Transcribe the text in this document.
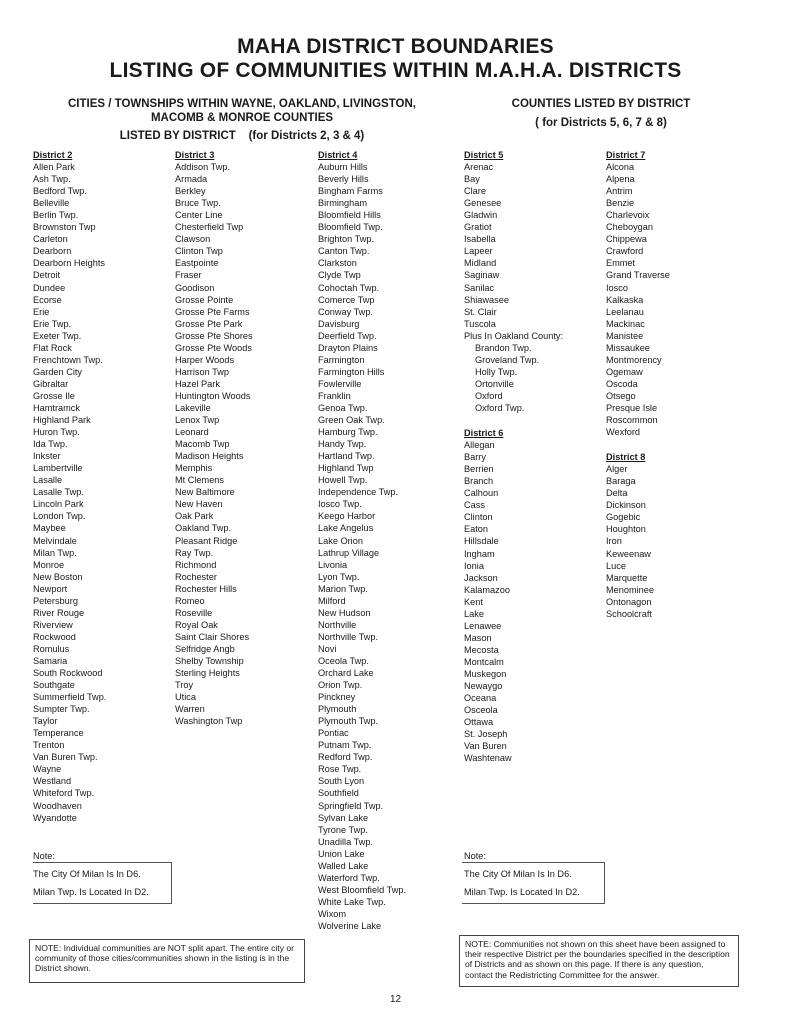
MAHA DISTRICT BOUNDARIES
LISTING OF COMMUNITIES WITHIN M.A.H.A. DISTRICTS
CITIES / TOWNSHIPS WITHIN WAYNE, OAKLAND, LIVINGSTON,
MACOMB & MONROE COUNTIES
LISTED BY DISTRICT    (for Districts 2, 3 & 4)
COUNTIES LISTED BY DISTRICT
( for Districts 5, 6, 7 & 8)
District 2
Allen Park
Ash Twp.
Bedford Twp.
Belleville
Berlin Twp.
Brownston Twp
Carleton
Dearborn
Dearborn Heights
Detroit
Dundee
Ecorse
Erie
Erie Twp.
Exeter Twp.
Flat Rock
Frenchtown Twp.
Garden City
Gibraltar
Grosse Ile
Hamtramck
Highland Park
Huron Twp.
Ida Twp.
Inkster
Lambertville
Lasalle
Lasalle Twp.
Lincoln Park
London Twp.
Maybee
Melvindale
Milan Twp.
Monroe
New Boston
Newport
Petersburg
River Rouge
Riverview
Rockwood
Romulus
Samaria
South Rockwood
Southgate
Summerfield Twp.
Sumpter Twp.
Taylor
Temperance
Trenton
Van Buren Twp.
Wayne
Westland
Whiteford Twp.
Woodhaven
Wyandotte
District 3
Addison Twp.
Armada
Berkley
Bruce Twp.
Center Line
Chesterfield Twp
Clawson
Clinton Twp
Eastpointe
Fraser
Goodison
Grosse Pointe
Grosse Pte Farms
Grosse Pte Park
Grosse Pte Shores
Grosse Pte Woods
Harper Woods
Harrison Twp
Hazel Park
Huntington Woods
Lakeville
Lenox Twp
Leonard
Macomb Twp
Madison Heights
Memphis
Mt Clemens
New Baltimore
New Haven
Oak Park
Oakland Twp.
Pleasant Ridge
Ray Twp.
Richmond
Rochester
Rochester Hills
Romeo
Roseville
Royal Oak
Saint Clair Shores
Selfridge Angb
Shelby Township
Sterling Heights
Troy
Utica
Warren
Washington Twp
District 4
Auburn Hills
Beverly Hills
Bingham Farms
Birmingham
Bloomfield Hills
Bloomfield Twp.
Brighton Twp.
Canton Twp.
Clarkston
Clyde Twp
Cohoctah Twp.
Comerce Twp
Conway Twp.
Davisburg
Deerfield Twp.
Drayton Plains
Farmington
Farmington Hills
Fowlerville
Franklin
Genoa Twp.
Green Oak Twp.
Hamburg Twp.
Handy Twp.
Hartland Twp.
Highland Twp
Howell Twp.
Independence Twp.
Iosco Twp.
Keego Harbor
Lake Angelus
Lake Orion
Lathrup Village
Livonia
Lyon Twp.
Marion Twp.
Milford
New Hudson
Northville
Northville Twp.
Novi
Oceola Twp.
Orchard Lake
Orion Twp.
Pinckney
Plymouth
Plymouth Twp.
Pontiac
Putnam Twp.
Redford Twp.
Rose Twp.
South Lyon
Southfield
Springfield Twp.
Sylvan Lake
Tyrone Twp.
Unadilla Twp.
Union Lake
Walled Lake
Waterford Twp.
West Bloomfield Twp.
White Lake Twp.
Wixom
Wolverine Lake
District 5
Arenac
Bay
Clare
Genesee
Gladwin
Gratiot
Isabella
Lapeer
Midland
Saginaw
Sanilac
Shiawasee
St. Clair
Tuscola
Plus In Oakland County:
Brandon Twp.
Groveland Twp.
Holly Twp.
Ortonville
Oxford
Oxford Twp.
District 6
Allegan
Barry
Berrien
Branch
Calhoun
Cass
Clinton
Eaton
Hillsdale
Ingham
Ionia
Jackson
Kalamazoo
Kent
Lake
Lenawee
Mason
Mecosta
Montcalm
Muskegon
Newaygo
Oceana
Osceola
Ottawa
St. Joseph
Van Buren
Washtenaw
District 7
Alcona
Alpena
Antrim
Benzie
Charlevoix
Cheboygan
Chippewa
Crawford
Emmet
Grand Traverse
Iosco
Kalkaska
Leelanau
Mackinac
Manistee
Missaukee
Montmorency
Ogemaw
Oscoda
Otsego
Presque Isle
Roscommon
Wexford
District 8
Alger
Baraga
Delta
Dickinson
Gogebic
Houghton
Iron
Keweenaw
Luce
Marquette
Menominee
Ontonagon
Schoolcraft
Note:
The City Of Milan Is In D6.
Milan Twp. Is Located In D2.
Note:
The City Of Milan Is In D6.
Milan Twp. Is Located In D2.
NOTE: Individual communities are NOT split apart. The entire city or community of those cities/communities shown in the listing is in the District shown.
NOTE: Communities not shown on this sheet have been assigned to their respective District per the boundaries specified in the description of Districts and as shown on this page. If there is any question, contact the Redistricting Committee for the answer.
12
